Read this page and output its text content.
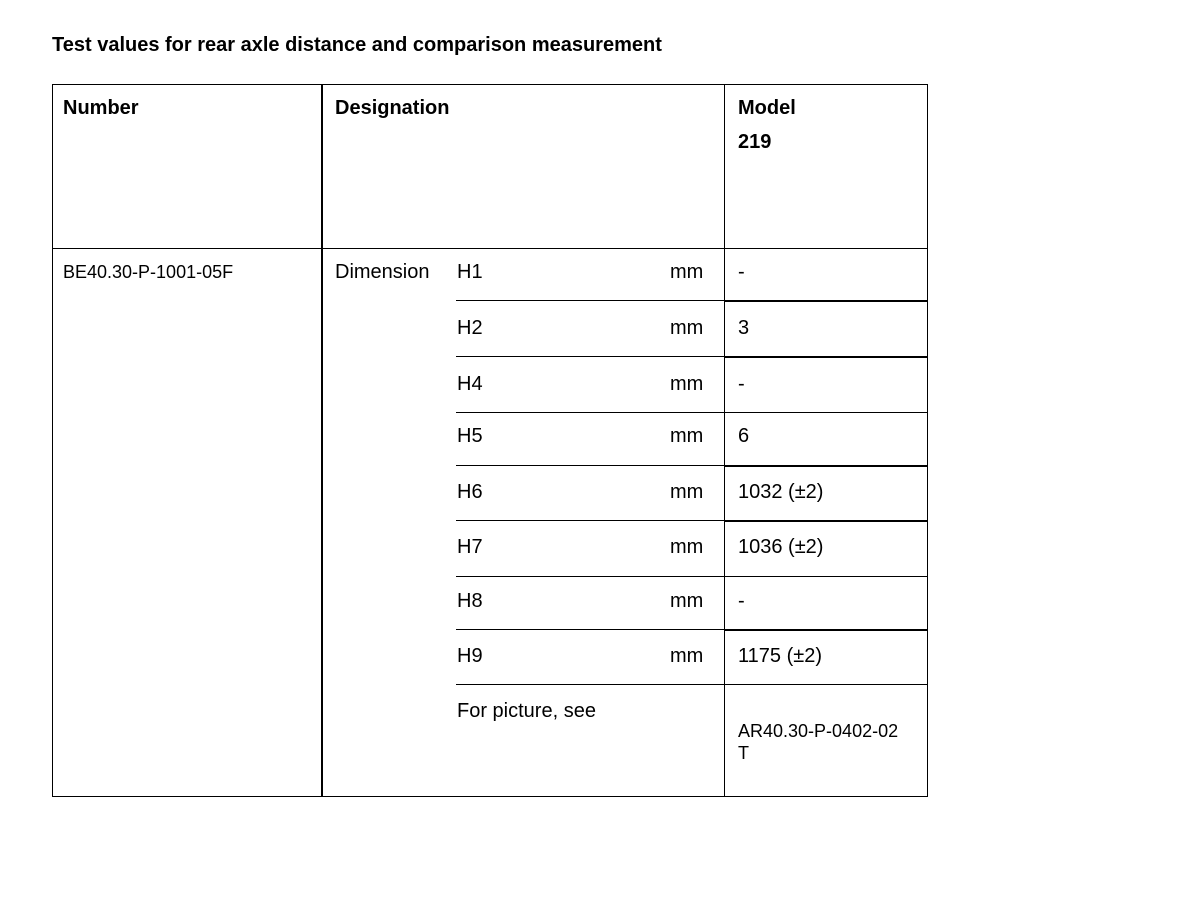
Test values for rear axle distance and comparison measurement
Number	Designation	Model
219
BE40.30-P-1001-05F	Dimension H1	mm -
H2	mm 3
H4	mm -
H5	mm 6
H6	mm 1032 (±2)
H7	mm 1036 (±2)
H8	mm -
H9	mm 1175 (±2)
For picture, see
AR40.30-P-0402-02
T
